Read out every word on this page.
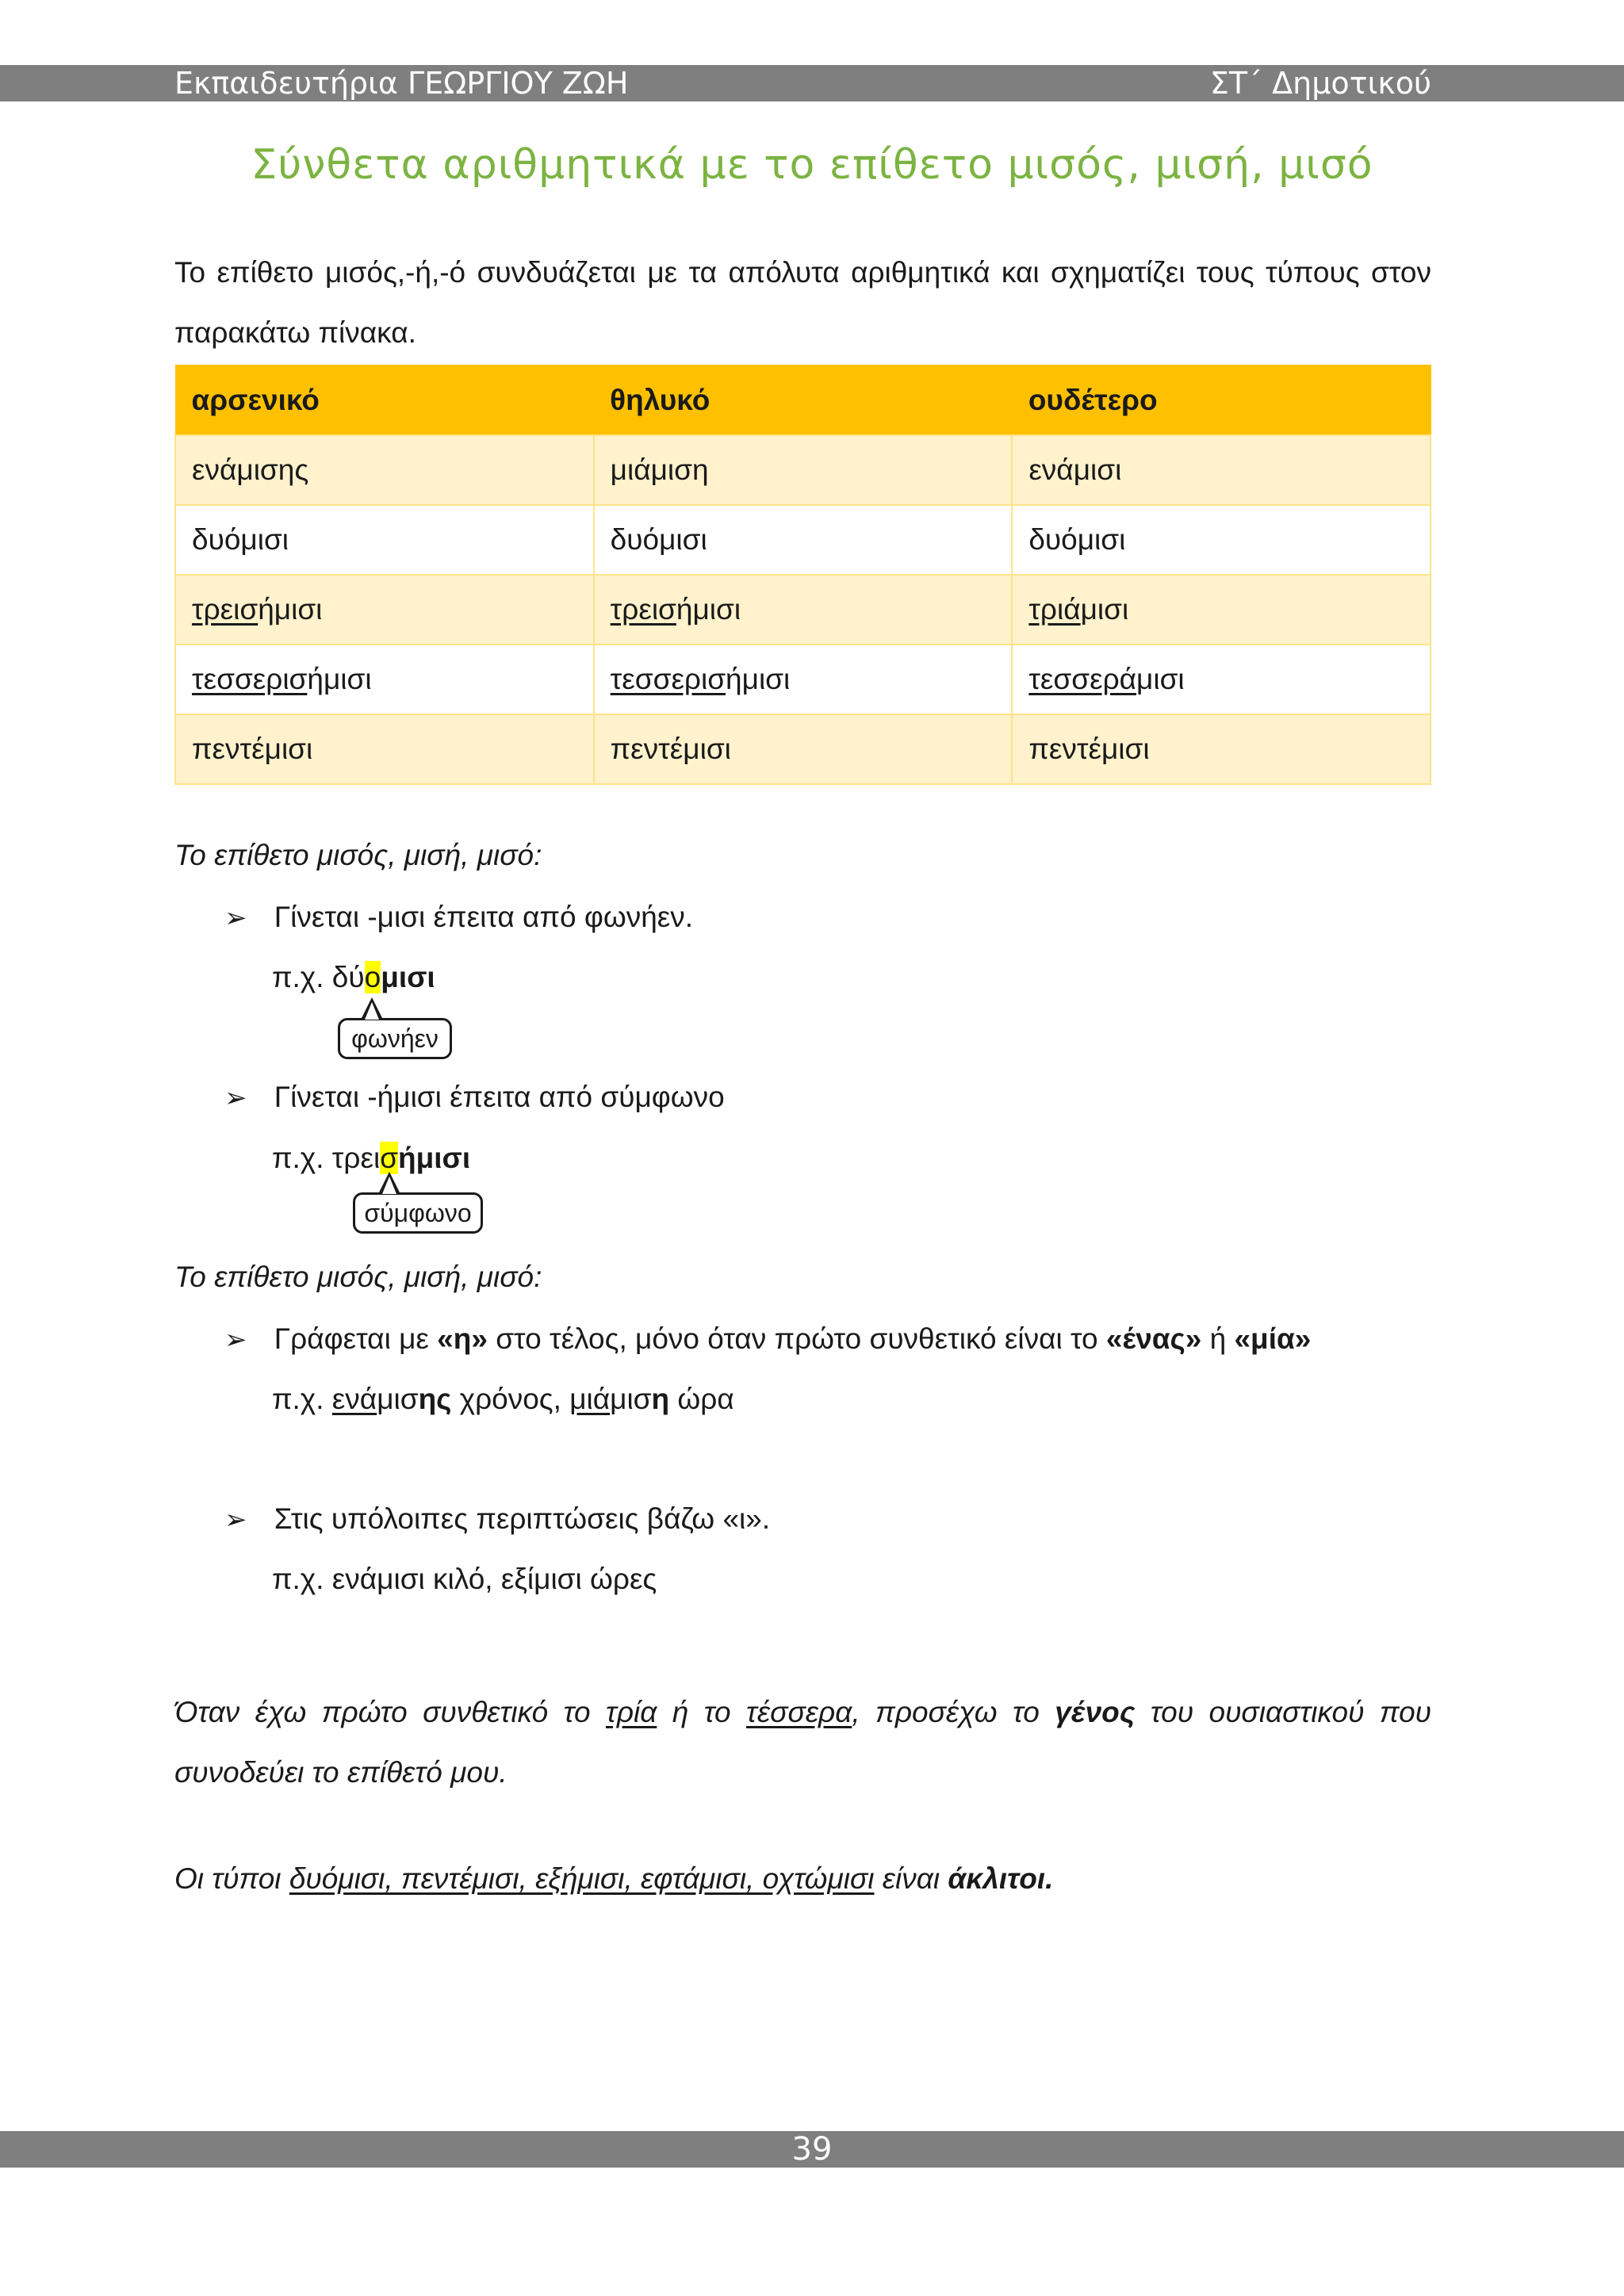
Εκπαιδευτήρια ΓΕΩΡΓΙΟΥ ΖΩΗ	ΣΤ΄ Δημοτικού
Σύνθετα αριθμητικά με το επίθετο μισός, μισή, μισό
Το επίθετο μισός,-ή,-ό συνδυάζεται με τα απόλυτα αριθμητικά και σχηματίζει τους τύπους στον παρακάτω πίνακα.
αρσενικό	θηλυκό	ουδέτερο
ενάμισης	μιάμιση	ενάμισι
δυόμισι	δυόμισι	δυόμισι
τρεισήμισι	τρεισήμισι	τριάμισι
τεσσερισήμισι	τεσσερισήμισι	τεσσεράμισι
πεντέμισι	πεντέμισι	πεντέμισι
Το επίθετο μισός, μισή, μισό:
➢ Γίνεται -μισι έπειτα από φωνήεν.
π.χ. δύομισι
φωνήεν
➢ Γίνεται -ήμισι έπειτα από σύμφωνο
π.χ. τρεισήμισι
σύμφωνο
Το επίθετο μισός, μισή, μισό:
➢ Γράφεται με «η» στο τέλος, μόνο όταν πρώτο συνθετικό είναι το «ένας» ή «μία»
π.χ. ενάμισης χρόνος, μιάμιση ώρα
➢ Στις υπόλοιπες περιπτώσεις βάζω «ι».
π.χ. ενάμισι κιλό, εξίμισι ώρες
Όταν έχω πρώτο συνθετικό το τρία ή το τέσσερα, προσέχω το γένος του ουσιαστικού που συνοδεύει το επίθετό μου.
Οι τύποι δυόμισι, πεντέμισι, εξήμισι, εφτάμισι, οχτώμισι είναι άκλιτοι.
39
